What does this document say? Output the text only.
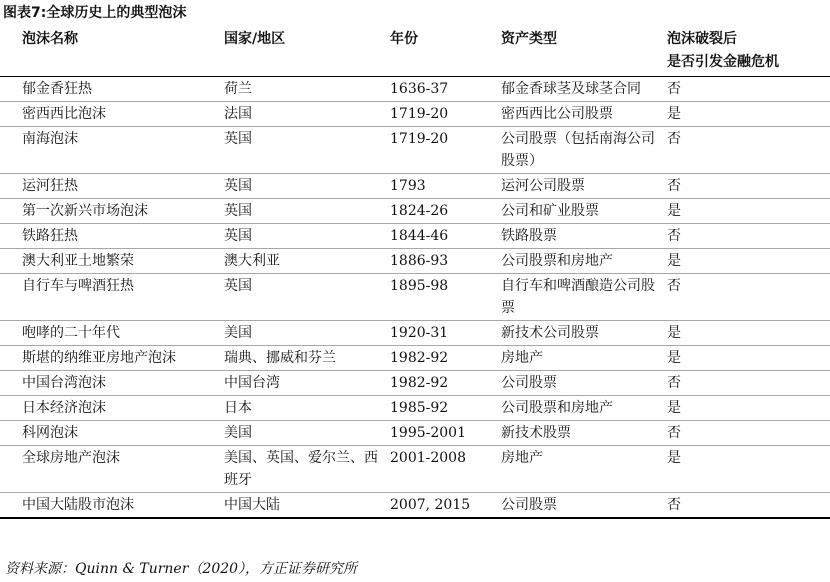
图表7:全球历史上的典型泡沫
泡沫名称	国家/地区	年份	资产类型	泡沫破裂后
是否引发金融危机

郁金香狂热	荷兰	1636-37	郁金香球茎及球茎合同	否

密西西比泡沫	法国	1719-20	密西西比公司股票	是

南海泡沫	英国	1719-20	公司股票（包括南海公司股票）	否

运河狂热	英国	1793	运河公司股票	否

第一次新兴市场泡沫	英国	1824-26	公司和矿业股票	是

铁路狂热	英国	1844-46	铁路股票	否

澳大利亚土地繁荣	澳大利亚	1886-93	公司股票和房地产	是

自行车与啤酒狂热	英国	1895-98	自行车和啤酒酿造公司股票	否

咆哮的二十年代	美国	1920-31	新技术公司股票	是

斯堪的纳维亚房地产泡沫	瑞典、挪威和芬兰	1982-92	房地产	是

中国台湾泡沫	中国台湾	1982-92	公司股票	否

日本经济泡沫	日本	1985-92	公司股票和房地产	是

科网泡沫	美国	1995-2001	新技术股票	否

全球房地产泡沫	美国、英国、爱尔兰、西班牙	2001-2008	房地产	是

中国大陆股市泡沫	中国大陆	2007, 2015	公司股票	否
资料来源：Quinn & Turner（2020），方正证券研究所
